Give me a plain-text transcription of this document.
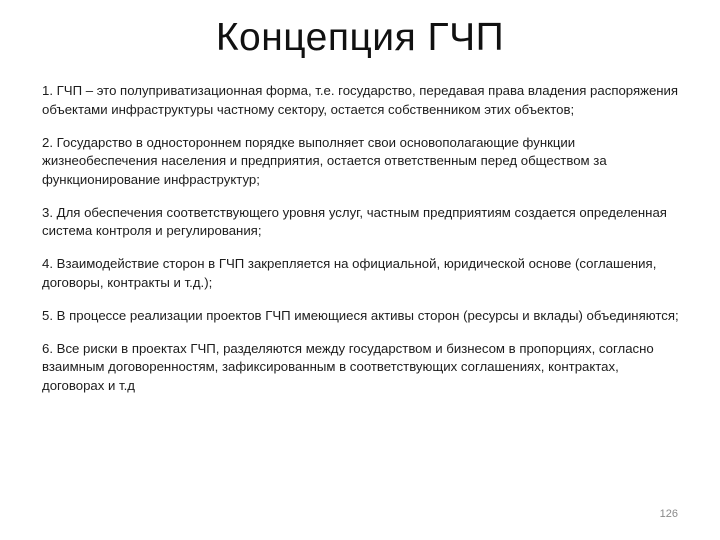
Концепция ГЧП

1. ГЧП – это полуприватизационная форма, т.е. государство, передавая права владения распоряжения объектами инфраструктуры частному сектору, остается собственником этих объектов;

2. Государство в одностороннем порядке выполняет свои основополагающие функции жизнеобеспечения населения и предприятия, остается ответственным перед обществом за функционирование инфраструктур;

3. Для обеспечения соответствующего уровня услуг, частным предприятиям создается определенная система контроля и регулирования;

4. Взаимодействие сторон в ГЧП закрепляется на официальной, юридической основе (соглашения, договоры, контракты и т.д.);

5. В процессе реализации проектов ГЧП имеющиеся активы сторон (ресурсы и вклады) объединяются;

6. Все риски в проектах ГЧП, разделяются между государством и бизнесом в пропорциях, согласно взаимным договоренностям, зафиксированным в соответствующих соглашениях, контрактах, договорах и т.д

126
